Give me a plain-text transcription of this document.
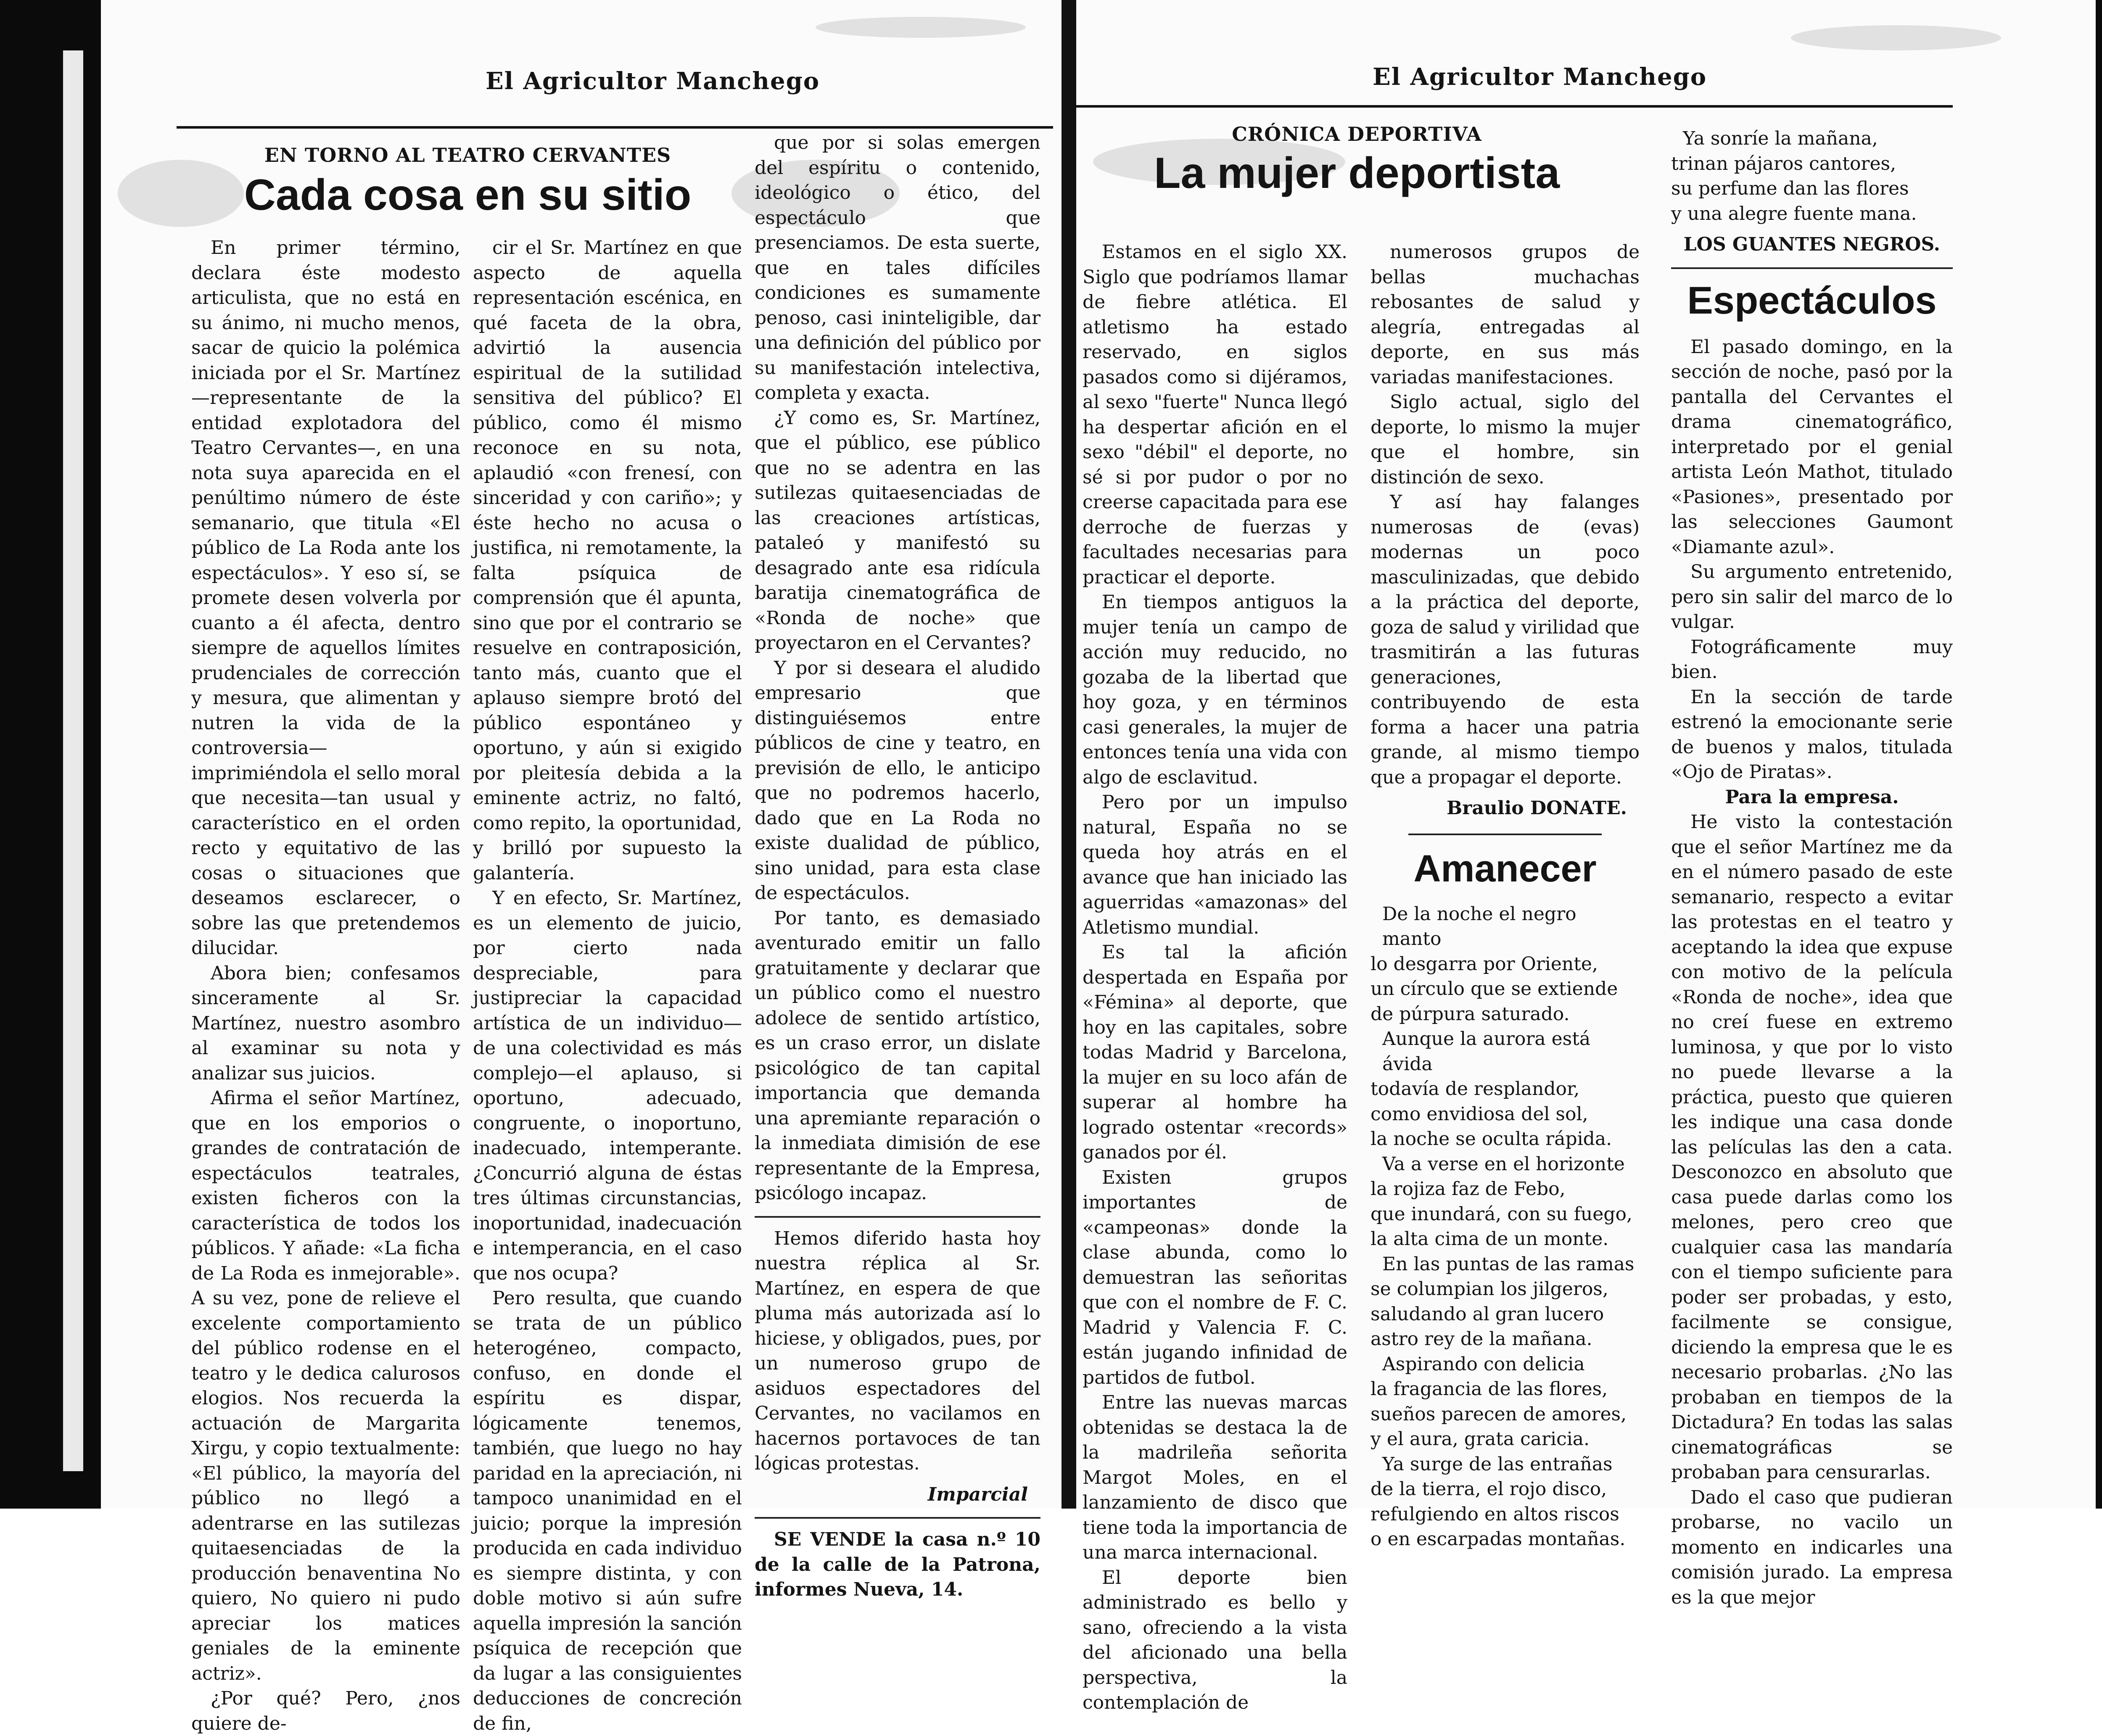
El Agricultor Manchego
EN TORNO AL TEATRO CERVANTES
Cada cosa en su sitio

En primer término, declara éste modesto articulista, que no está en su ánimo, ni mucho menos, sacar de quicio la polémica iniciada por el Sr. Martínez—representante de la entidad explotadora del Teatro Cervantes—, en una nota suya aparecida en el penúltimo número de éste semanario, que titula «El público de La Roda ante los espectáculos». Y eso sí, se promete desen volverla por cuanto a él afecta, dentro siempre de aquellos límites prudenciales de corrección y mesura, que alimentan y nutren la vida de la controversia—imprimiéndola el sello moral que necesita—tan usual y característico en el orden recto y equitativo de las cosas o situaciones que deseamos esclarecer, o sobre las que pretendemos dilucidar.

Abora bien; confesamos sinceramente al Sr. Martínez, nuestro asombro al examinar su nota y analizar sus juicios.

Afirma el señor Martínez, que en los emporios o grandes de contratación de espectáculos teatrales, existen ficheros con la característica de todos los públicos. Y añade: «La ficha de La Roda es inmejorable». A su vez, pone de relieve el excelente comportamiento del público rodense en el teatro y le dedica calurosos elogios. Nos recuerda la actuación de Margarita Xirgu, y copio textualmente: «El público, la mayoría del público no llegó a adentrarse en las sutilezas quitaesenciadas de la producción benaventina No quiero, No quiero ni pudo apreciar los matices geniales de la eminente actriz».

¿Por qué? Pero, ¿nos quiere de-

cir el Sr. Martínez en que aspecto de aquella representación escénica, en qué faceta de la obra, advirtió la ausencia espiritual de la sutilidad sensitiva del público? El público, como él mismo reconoce en su nota, aplaudió «con frenesí, con sinceridad y con cariño»; y éste hecho no acusa o justifica, ni remotamente, la falta psíquica de comprensión que él apunta, sino que por el contrario se resuelve en contraposición, tanto más, cuanto que el aplauso siempre brotó del público espontáneo y oportuno, y aún si exigido por pleitesía debida a la eminente actriz, no faltó, como repito, la oportunidad, y brilló por supuesto la galantería.

Y en efecto, Sr. Martínez, es un elemento de juicio, por cierto nada despreciable, para justipreciar la capacidad artística de un individuo—de una colectividad es más complejo—el aplauso, si oportuno, adecuado, congruente, o inoportuno, inadecuado, intemperante. ¿Concurrió alguna de éstas tres últimas circunstancias, inoportunidad, inadecuación e intemperancia, en el caso que nos ocupa?

Pero resulta, que cuando se trata de un público heterogéneo, compacto, confuso, en donde el espíritu es dispar, lógicamente tenemos, también, que luego no hay paridad en la apreciación, ni tampoco unanimidad en el juicio; porque la impresión producida en cada individuo es siempre distinta, y con doble motivo si aún sufre aquella impresión la sanción psíquica de recepción que da lugar a las consiguientes deducciones de concreción de fin,

que por si solas emergen del espíritu o contenido, ideológico o ético, del espectáculo que presenciamos. De esta suerte, que en tales difíciles condiciones es sumamente penoso, casi ininteligible, dar una definición del público por su manifestación intelectiva, completa y exacta.

¿Y como es, Sr. Martínez, que el público, ese público que no se adentra en las sutilezas quitaesenciadas de las creaciones artísticas, pataleó y manifestó su desagrado ante esa ridícula baratija cinematográfica de «Ronda de noche» que proyectaron en el Cervantes?

Y por si deseara el aludido empresario que distinguiésemos entre públicos de cine y teatro, en previsión de ello, le anticipo que no podremos hacerlo, dado que en La Roda no existe dualidad de público, sino unidad, para esta clase de espectáculos.

Por tanto, es demasiado aventurado emitir un fallo gratuitamente y declarar que un público como el nuestro adolece de sentido artístico, es un craso error, un dislate psicológico de tan capital importancia que demanda una apremiante reparación o la inmediata dimisión de ese representante de la Empresa, psicólogo incapaz.

Hemos diferido hasta hoy nuestra réplica al Sr. Martínez, en espera de que pluma más autorizada así lo hiciese, y obligados, pues, por un numeroso grupo de asiduos espectadores del Cervantes, no vacilamos en hacernos portavoces de tan lógicas protestas.

Imparcial

SE VENDE la casa n.º 10 de la calle de la Patrona, informes Nueva, 14.

El Agricultor Manchego
CRÓNICA DEPORTIVA
La mujer deportista

Estamos en el siglo XX. Siglo que podríamos llamar de fiebre atlética. El atletismo ha estado reservado, en siglos pasados como si dijéramos, al sexo "fuerte" Nunca llegó ha despertar afición en el sexo "débil" el deporte, no sé si por pudor o por no creerse capacitada para ese derroche de fuerzas y facultades necesarias para practicar el deporte.

En tiempos antiguos la mujer tenía un campo de acción muy reducido, no gozaba de la libertad que hoy goza, y en términos casi generales, la mujer de entonces tenía una vida con algo de esclavitud.

Pero por un impulso natural, España no se queda hoy atrás en el avance que han iniciado las aguerridas «amazonas» del Atletismo mundial.

Es tal la afición despertada en España por «Fémina» al deporte, que hoy en las capitales, sobre todas Madrid y Barcelona, la mujer en su loco afán de superar al hombre ha logrado ostentar «records» ganados por él.

Existen grupos importantes de «campeonas» donde la clase abunda, como lo demuestran las señoritas que con el nombre de F. C. Madrid y Valencia F. C. están jugando infinidad de partidos de futbol.

Entre las nuevas marcas obtenidas se destaca la de la madrileña señorita Margot Moles, en el lanzamiento de disco que tiene toda la importancia de una marca internacional.

El deporte bien administrado es bello y sano, ofreciendo a la vista del aficionado una bella perspectiva, la contemplación de

numerosos grupos de bellas muchachas rebosantes de salud y alegría, entregadas al deporte, en sus más variadas manifestaciones.

Siglo actual, siglo del deporte, lo mismo la mujer que el hombre, sin distinción de sexo.

Y así hay falanges numerosas de (evas) modernas un poco masculinizadas, que debido a la práctica del deporte, goza de salud y virilidad que trasmitirán a las futuras generaciones, contribuyendo de esta forma a hacer una patria grande, al mismo tiempo que a propagar el deporte.

Braulio DONATE.
Amanecer

De la noche el negro manto

lo desgarra por Oriente,

un círculo que se extiende

de púrpura saturado.

Aunque la aurora está ávida

todavía de resplandor,

como envidiosa del sol,

la noche se oculta rápida.

Va a verse en el horizonte

la rojiza faz de Febo,

que inundará, con su fuego,

la alta cima de un monte.

En las puntas de las ramas

se columpian los jilgeros,

saludando al gran lucero

astro rey de la mañana.

Aspirando con delicia

la fragancia de las flores,

sueños parecen de amores,

y el aura, grata caricia.

Ya surge de las entrañas

de la tierra, el rojo disco,

refulgiendo en altos riscos

o en escarpadas montañas.

Ya sonríe la mañana,

trinan pájaros cantores,

su perfume dan las flores

y una alegre fuente mana.

LOS GUANTES NEGROS.
Espectáculos

El pasado domingo, en la sección de noche, pasó por la pantalla del Cervantes el drama cinematográfico, interpretado por el genial artista León Mathot, titulado «Pasiones», presentado por las selecciones Gaumont «Diamante azul».

Su argumento entretenido, pero sin salir del marco de lo vulgar.

Fotográficamente muy bien.

En la sección de tarde estrenó la emocionante serie de buenos y malos, titulada «Ojo de Piratas».

Para la empresa.

He visto la contestación que el señor Martínez me da en el número pasado de este semanario, respecto a evitar las protestas en el teatro y aceptando la idea que expuse con motivo de la película «Ronda de noche», idea que no creí fuese en extremo luminosa, y que por lo visto no puede llevarse a la práctica, puesto que quieren les indique una casa donde las películas las den a cata. Desconozco en absoluto que casa puede darlas como los melones, pero creo que cualquier casa las mandaría con el tiempo suficiente para poder ser probadas, y esto, facilmente se consigue, diciendo la empresa que le es necesario probarlas. ¿No las probaban en tiempos de la Dictadura? En todas las salas cinematográficas se probaban para censurarlas.

Dado el caso que pudieran probarse, no vacilo un momento en indicarles una comisión jurado. La empresa es la que mejor
